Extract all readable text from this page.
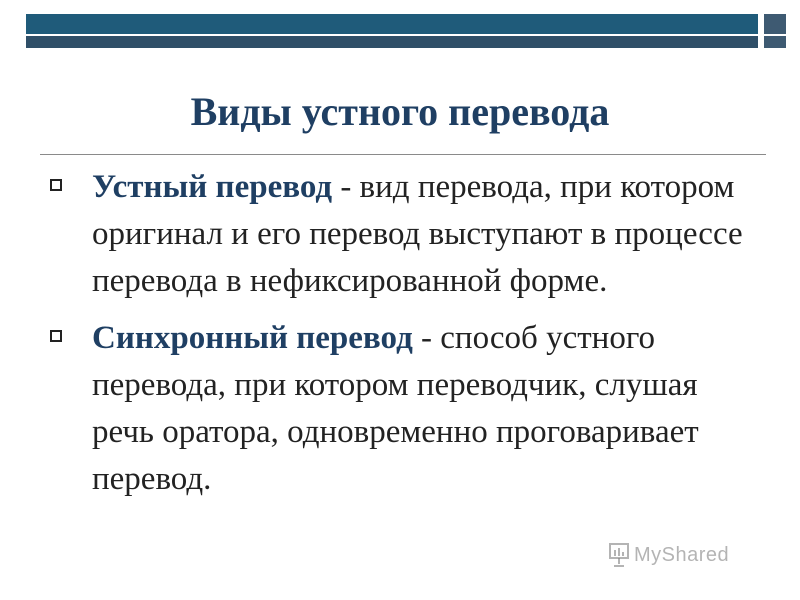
Виды устного перевода
Устный перевод - вид перевода, при котором оригинал и его перевод выступают в процессе перевода в нефиксированной форме.
Синхронный перевод - способ устного перевода, при котором переводчик, слушая речь оратора, одновременно проговаривает перевод.
MyShared
